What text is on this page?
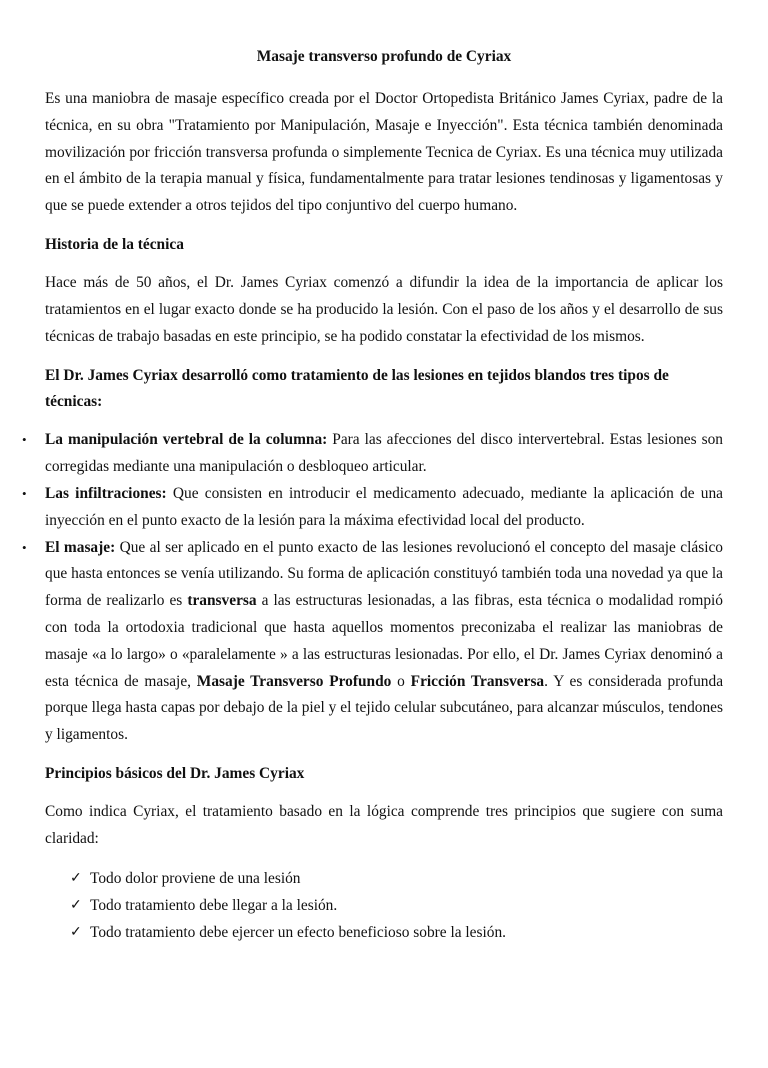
Masaje transverso profundo de Cyriax

Es una maniobra de masaje específico creada por el Doctor Ortopedista Británico James Cyriax, padre de la técnica, en su obra "Tratamiento por Manipulación, Masaje e Inyección". Esta técnica también denominada movilización por fricción transversa profunda o simplemente Tecnica de Cyriax. Es una técnica muy utilizada en el ámbito de la terapia manual y física, fundamentalmente para tratar lesiones tendinosas y ligamentosas y que se puede extender a otros tejidos del tipo conjuntivo del cuerpo humano.

Historia de la técnica

Hace más de 50 años, el Dr. James Cyriax comenzó a difundir la idea de la importancia de aplicar los tratamientos en el lugar exacto donde se ha producido la lesión. Con el paso de los años y el desarrollo de sus técnicas de trabajo basadas en este principio, se ha podido constatar la efectividad de los mismos.

El Dr. James Cyriax desarrolló como tratamiento de las lesiones en tejidos blandos tres tipos de técnicas:
• La manipulación vertebral de la columna: Para las afecciones del disco intervertebral. Estas lesiones son corregidas mediante una manipulación o desbloqueo articular.
• Las infiltraciones: Que consisten en introducir el medicamento adecuado, mediante la aplicación de una inyección en el punto exacto de la lesión para la máxima efectividad local del producto.
• El masaje: Que al ser aplicado en el punto exacto de las lesiones revolucionó el concepto del masaje clásico que hasta entonces se venía utilizando. Su forma de aplicación constituyó también toda una novedad ya que la forma de realizarlo es transversa a las estructuras lesionadas, a las fibras, esta técnica o modalidad rompió con toda la ortodoxia tradicional que hasta aquellos momentos preconizaba el realizar las maniobras de masaje «a lo largo» o «paralelamente » a las estructuras lesionadas. Por ello, el Dr. James Cyriax denominó a esta técnica de masaje, Masaje Transverso Profundo o Fricción Transversa. Y es considerada profunda porque llega hasta capas por debajo de la piel y el tejido celular subcutáneo, para alcanzar músculos, tendones y ligamentos.
Principios básicos del Dr. James Cyriax

Como indica Cyriax, el tratamiento basado en la lógica comprende tres principios que sugiere con suma claridad:

✓ Todo dolor proviene de una lesión
✓ Todo tratamiento debe llegar a la lesión.
✓ Todo tratamiento debe ejercer un efecto beneficioso sobre la lesión.
